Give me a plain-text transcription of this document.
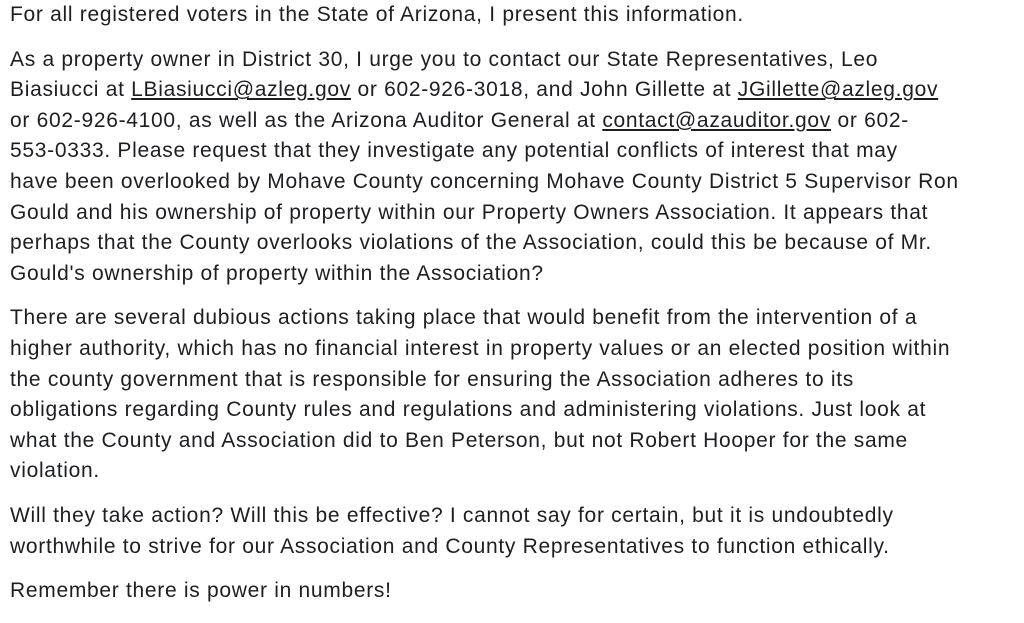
For all registered voters in the State of Arizona, I present this information.

As a property owner in District 30, I urge you to contact our State Representatives, Leo
Biasiucci at LBiasiucci@azleg.gov or 602-926-3018, and John Gillette at JGillette@azleg.gov
or 602-926-4100, as well as the Arizona Auditor General at contact@azauditor.gov or 602-
553-0333. Please request that they investigate any potential conflicts of interest that may
have been overlooked by Mohave County concerning Mohave County District 5 Supervisor Ron
Gould and his ownership of property within our Property Owners Association. It appears that
perhaps that the County overlooks violations of the Association, could this be because of Mr.
Gould's ownership of property within the Association?

There are several dubious actions taking place that would benefit from the intervention of a
higher authority, which has no financial interest in property values or an elected position within
the county government that is responsible for ensuring the Association adheres to its
obligations regarding County rules and regulations and administering violations. Just look at
what the County and Association did to Ben Peterson, but not Robert Hooper for the same
violation.

Will they take action? Will this be effective? I cannot say for certain, but it is undoubtedly
worthwhile to strive for our Association and County Representatives to function ethically.

Remember there is power in numbers!
